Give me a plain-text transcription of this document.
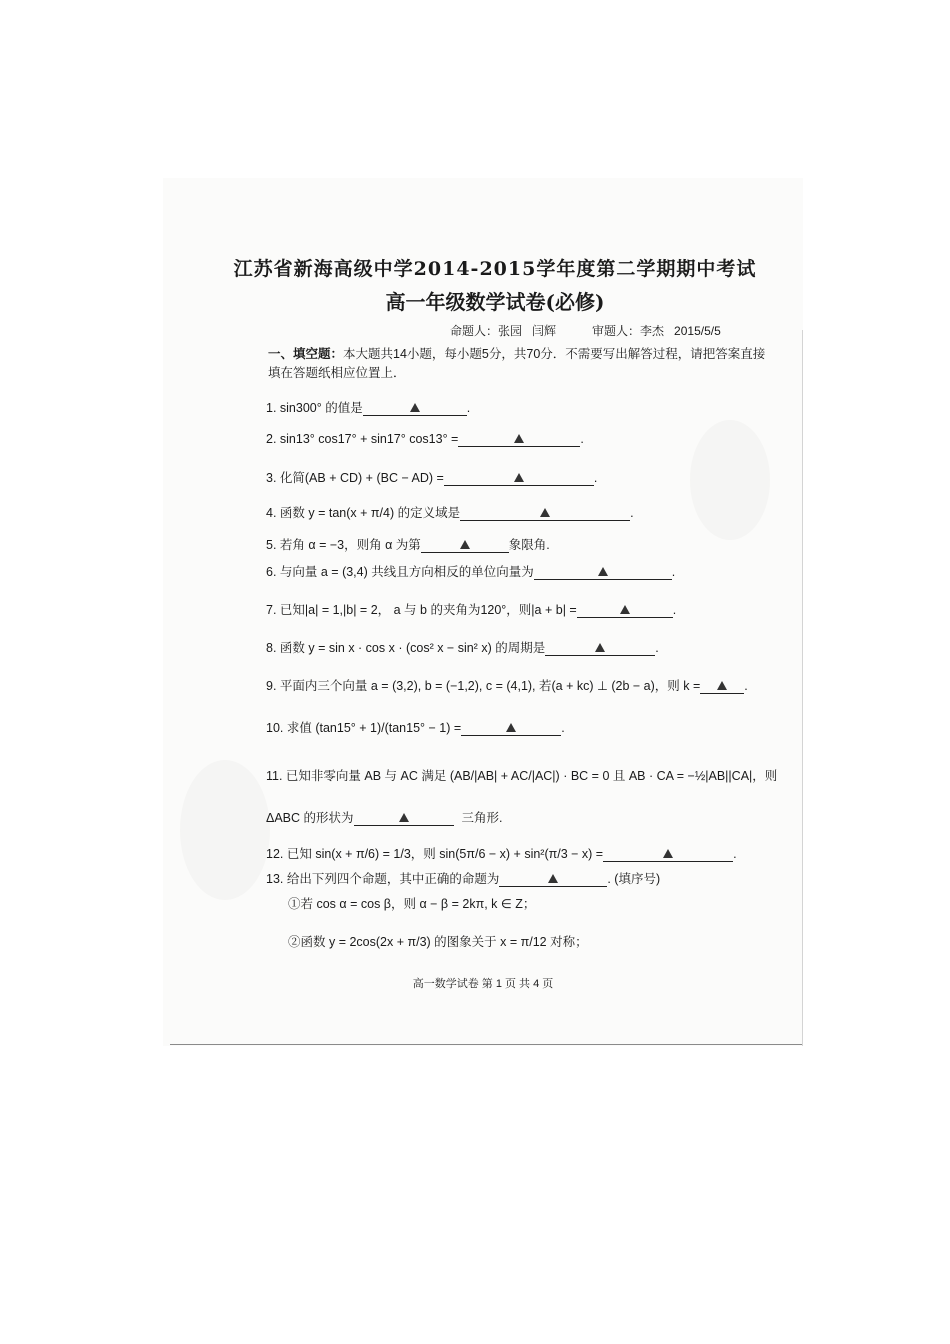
江苏省新海高级中学2014-2015学年度第二学期期中考试
高一年级数学试卷(必修)
命题人：张园 闫辉	审题人：李杰 2015/5/5
一、填空题：本大题共14小题，每小题5分，共70分．不需要写出解答过程，请把答案直接填在答题纸相应位置上．
1. sin300° 的值是	.
2. sin13° cos17° + sin17° cos13° =	.
3. 化简(AB + CD) + (BC − AD) =	.
4. 函数 y = tan(x + π/4) 的定义域是	.
5. 若角 α = −3，则角 α 为第	象限角.
6. 与向量 a = (3,4) 共线且方向相反的单位向量为	.
7. 已知|a| = 1,|b| = 2， a 与 b 的夹角为120°，则|a + b| =	.
8. 函数 y = sin x · cos x · (cos² x − sin² x) 的周期是	.
9. 平面内三个向量 a = (3,2), b = (−1,2), c = (4,1), 若(a + kc) ⊥ (2b − a)，则 k =	.
10. 求值 (tan15° + 1)/(tan15° − 1) =	.
11. 已知非零向量 AB 与 AC 满足 (AB/|AB| + AC/|AC|) · BC = 0 且 AB · CA = −½|AB||CA|，则
ΔABC 的形状为	三角形.
12. 已知 sin(x + π/6) = 1/3，则 sin(5π/6 − x) + sin²(π/3 − x) =	.
13. 给出下列四个命题，其中正确的命题为	. (填序号)
①若 cos α = cos β，则 α − β = 2kπ, k ∈ Z；
②函数 y = 2cos(2x + π/3) 的图象关于 x = π/12 对称；
高一数学试卷 第 1 页 共 4 页
